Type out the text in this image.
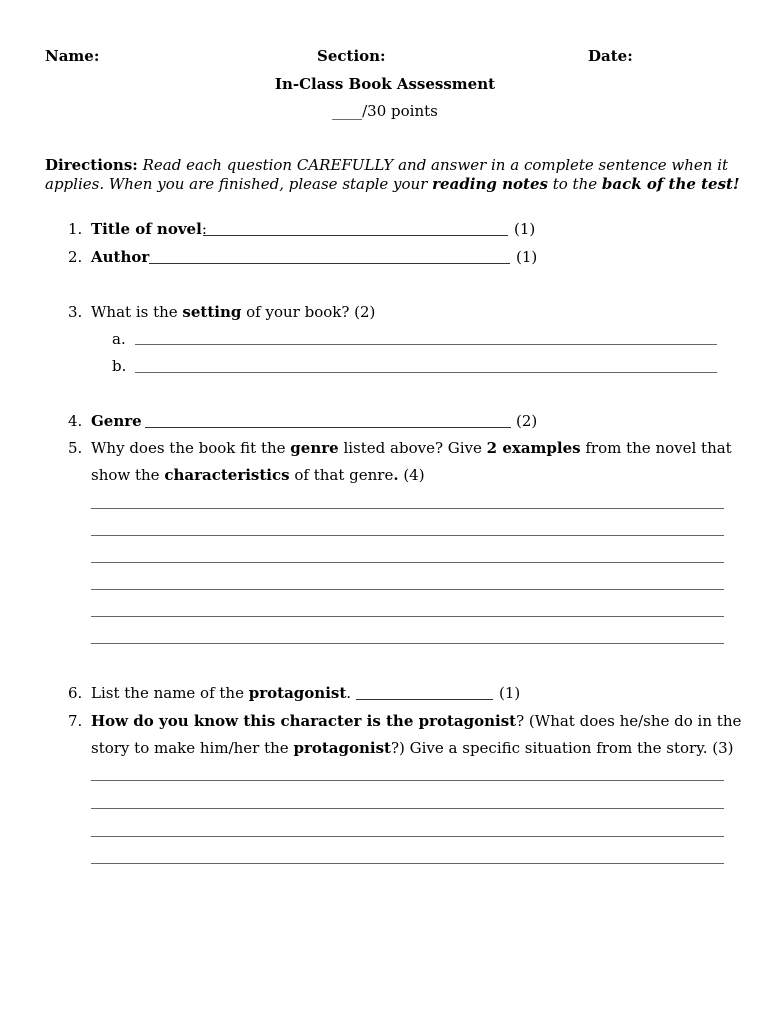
Name:	Section:	Date:
In-Class Book Assessment
____/30 points
Directions: Read each question CAREFULLY and answer in a complete sentence when it
applies. When you are finished, please staple your reading notes to the back of the test!
1. Title of novel:	(1)
2. Author	(1)
3. What is the setting of your book? (2)
a.
b.
4. Genre	(2)
5. Why does the book fit the genre listed above? Give 2 examples from the novel that
show the characteristics of that genre. (4)
6. List the name of the protagonist.	(1)
7. How do you know this character is the protagonist? (What does he/she do in the
story to make him/her the protagonist?) Give a specific situation from the story. (3)
